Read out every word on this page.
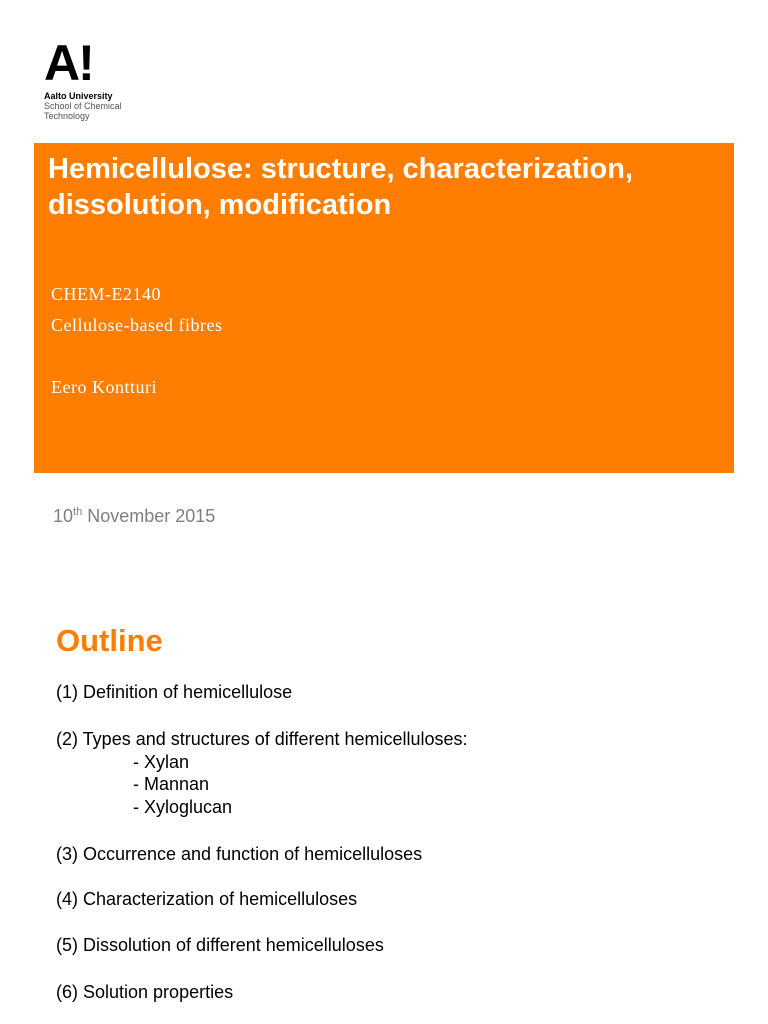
A!
Aalto University
School of Chemical
Technology
Hemicellulose: structure, characterization, dissolution, modification
CHEM-E2140
Cellulose-based fibres
Eero Kontturi
10th November 2015
Outline
(1) Definition of hemicellulose
(2) Types and structures of different hemicelluloses:
- Xylan
- Mannan
- Xyloglucan
(3) Occurrence and function of hemicelluloses
(4) Characterization of hemicelluloses
(5) Dissolution of different hemicelluloses
(6) Solution properties
